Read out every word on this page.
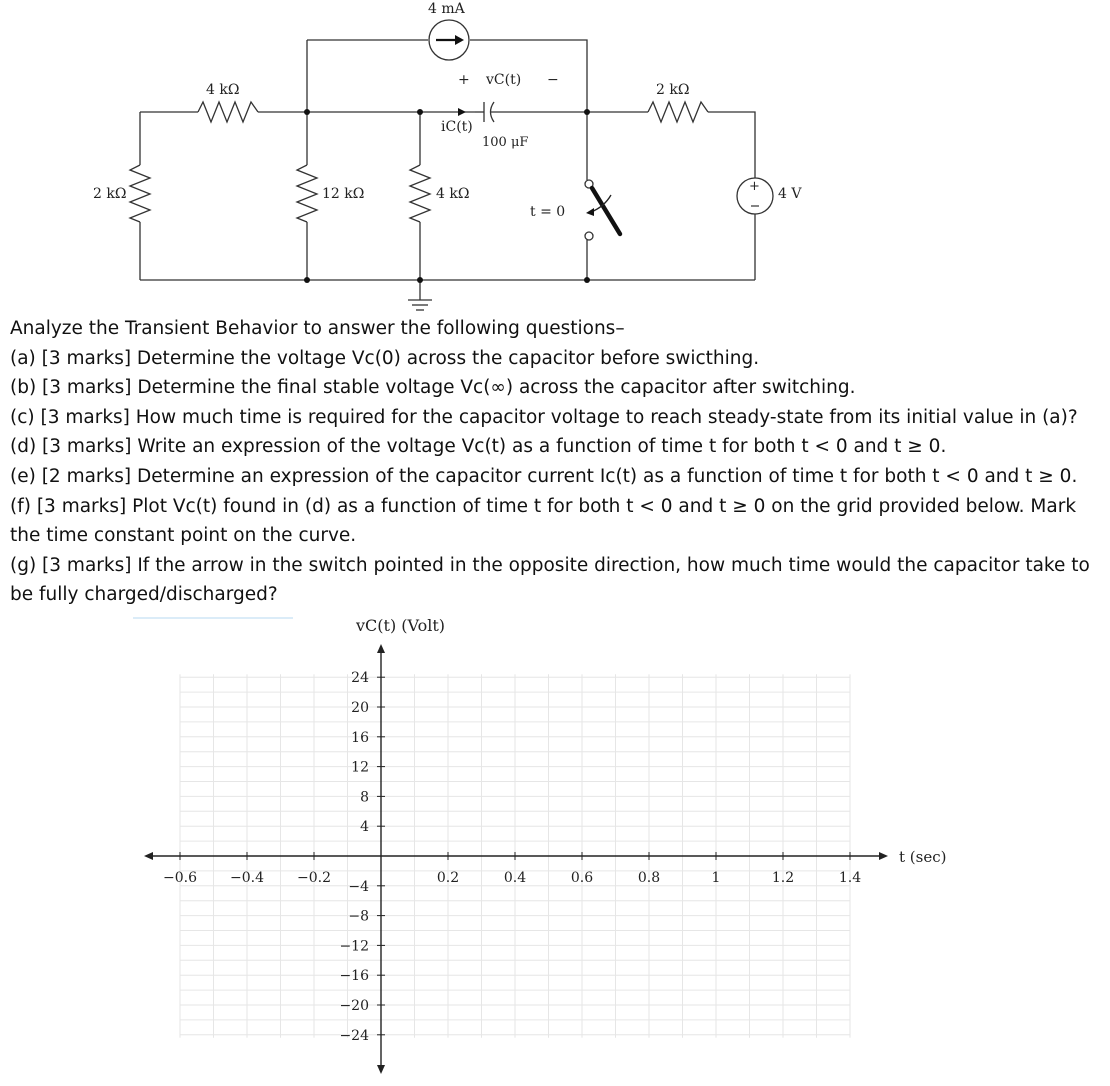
+
4 mA
4 kΩ
2 kΩ	12 kΩ	4 kΩ
2 kΩ
+ vC(t) −
iC(t)
100 μF
t = 0
4 V

Analyze the Transient Behavior to answer the following questions–

(a) [3 marks] Determine the voltage Vc(0) across the capacitor before swicthing.

(b) [3 marks] Determine the final stable voltage Vc(∞) across the capacitor after switching.

(c) [3 marks] How much time is required for the capacitor voltage to reach steady-state from its initial value in (a)?

(d) [3 marks] Write an expression of the voltage Vc(t) as a function of time t for both t < 0 and t ≥ 0.

(e) [2 marks] Determine an expression of the capacitor current Ic(t) as a function of time t for both t < 0 and t ≥ 0.

(f) [3 marks] Plot Vc(t) found in (d) as a function of time t for both t < 0 and t ≥ 0 on the grid provided below. Mark the time constant point on the curve.

(g) [3 marks] If the arrow in the switch pointed in the opposite direction, how much time would the capacitor take to be fully charged/discharged?

−0.6 −0.4 −0.2	0.2	0.4	0.6	0.8	1	1.2	1.4
24
20
16
12
8
4
−4
−8
−12
−16
−20
−24
vC(t) (Volt)
t (sec)
